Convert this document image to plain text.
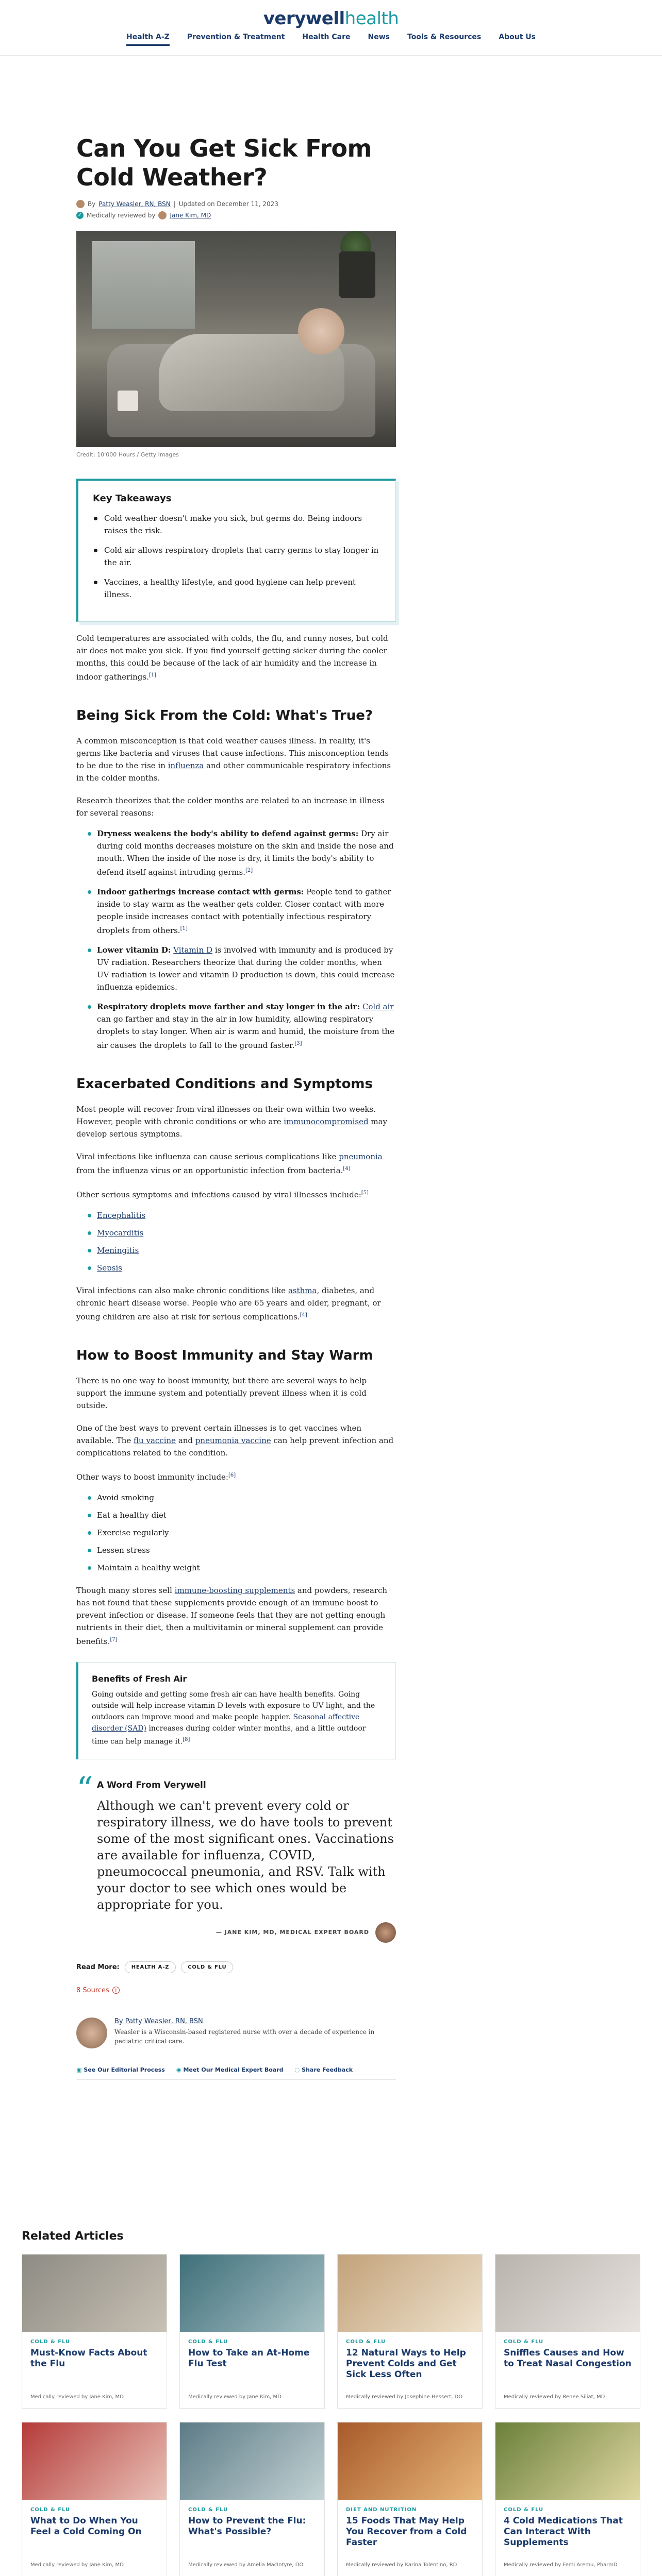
verywellhealth
Health A-Z Prevention & Treatment Health Care News Tools & Resources About Us
Can You Get Sick From Cold Weather?
By Patty Weasler, RN, BSN | Updated on December 11, 2023
✓ Medically reviewed by Jane Kim, MD
Credit: 10'000 Hours / Getty Images
Key Takeaways
Cold weather doesn't make you sick, but germs do. Being indoors raises the risk.
Cold air allows respiratory droplets that carry germs to stay longer in the air.
Vaccines, a healthy lifestyle, and good hygiene can help prevent illness.

Cold temperatures are associated with colds, the flu, and runny noses, but cold air does not make you sick. If you find yourself getting sicker during the cooler months, this could be because of the lack of air humidity and the increase in indoor gatherings.[1]

Being Sick From the Cold: What's True?

A common misconception is that cold weather causes illness. In reality, it's germs like bacteria and viruses that cause infections. This misconception tends to be due to the rise in influenza and other communicable respiratory infections in the colder months.

Research theorizes that the colder months are related to an increase in illness for several reasons:

Dryness weakens the body's ability to defend against germs: Dry air during cold months decreases moisture on the skin and inside the nose and mouth. When the inside of the nose is dry, it limits the body's ability to defend itself against intruding germs.[2]
Indoor gatherings increase contact with germs: People tend to gather inside to stay warm as the weather gets colder. Closer contact with more people inside increases contact with potentially infectious respiratory droplets from others.[1]
Lower vitamin D: Vitamin D is involved with immunity and is produced by UV radiation. Researchers theorize that during the colder months, when UV radiation is lower and vitamin D production is down, this could increase influenza epidemics.
Respiratory droplets move farther and stay longer in the air: Cold air can go farther and stay in the air in low humidity, allowing respiratory droplets to stay longer. When air is warm and humid, the moisture from the air causes the droplets to fall to the ground faster.[3]
Exacerbated Conditions and Symptoms

Most people will recover from viral illnesses on their own within two weeks. However, people with chronic conditions or who are immunocompromised may develop serious symptoms.

Viral infections like influenza can cause serious complications like pneumonia from the influenza virus or an opportunistic infection from bacteria.[4]

Other serious symptoms and infections caused by viral illnesses include:[5]

Encephalitis
Myocarditis
Meningitis
Sepsis

Viral infections can also make chronic conditions like asthma, diabetes, and chronic heart disease worse. People who are 65 years and older, pregnant, or young children are also at risk for serious complications.[4]

How to Boost Immunity and Stay Warm

There is no one way to boost immunity, but there are several ways to help support the immune system and potentially prevent illness when it is cold outside.

One of the best ways to prevent certain illnesses is to get vaccines when available. The flu vaccine and pneumonia vaccine can help prevent infection and complications related to the condition.

Other ways to boost immunity include:[6]

Avoid smoking
Eat a healthy diet
Exercise regularly
Lessen stress
Maintain a healthy weight

Though many stores sell immune-boosting supplements and powders, research has not found that these supplements provide enough of an immune boost to prevent infection or disease. If someone feels that they are not getting enough nutrients in their diet, then a multivitamin or mineral supplement can provide benefits.[7]

Benefits of Fresh Air

Going outside and getting some fresh air can have health benefits. Going outside will help increase vitamin D levels with exposure to UV light, and the outdoors can improve mood and make people happier. Seasonal affective disorder (SAD) increases during colder winter months, and a little outdoor time can help manage it.[8]

“ A Word From Verywell
Although we can't prevent every cold or respiratory illness, we do have tools to prevent some of the most significant ones. Vaccinations are available for influenza, COVID, pneumococcal pneumonia, and RSV. Talk with your doctor to see which ones would be appropriate for you.
— JANE KIM, MD, MEDICAL EXPERT BOARD
Read More:	HEALTH A-Z	COLD & FLU
8 Sources +
By Patty Weasler, RN, BSN
Weasler is a Wisconsin-based registered nurse with over a decade of experience in pediatric critical care.
▣ See Our Editorial Process ◉ Meet Our Medical Expert Board ◌ Share Feedback
Related Articles
COLD & FLU
Must-Know Facts About the Flu
Medically reviewed by Jane Kim, MD
COLD & FLU
How to Take an At-Home Flu Test
Medically reviewed by Jane Kim, MD
COLD & FLU
12 Natural Ways to Help Prevent Colds and Get Sick Less Often
Medically reviewed by Josephine Hessert, DO
COLD & FLU
Sniffles Causes and How to Treat Nasal Congestion
Medically reviewed by Renee Siliat, MD
COLD & FLU
What to Do When You Feel a Cold Coming On
Medically reviewed by Jane Kim, MD
COLD & FLU
How to Prevent the Flu: What's Possible?
Medically reviewed by Amelia MacIntyre, DO
DIET AND NUTRITION
15 Foods That May Help You Recover from a Cold Faster
Medically reviewed by Karina Tolentino, RD
COLD & FLU
4 Cold Medications That Can Interact With Supplements
Medically reviewed by Femi Aremu, PharmD
